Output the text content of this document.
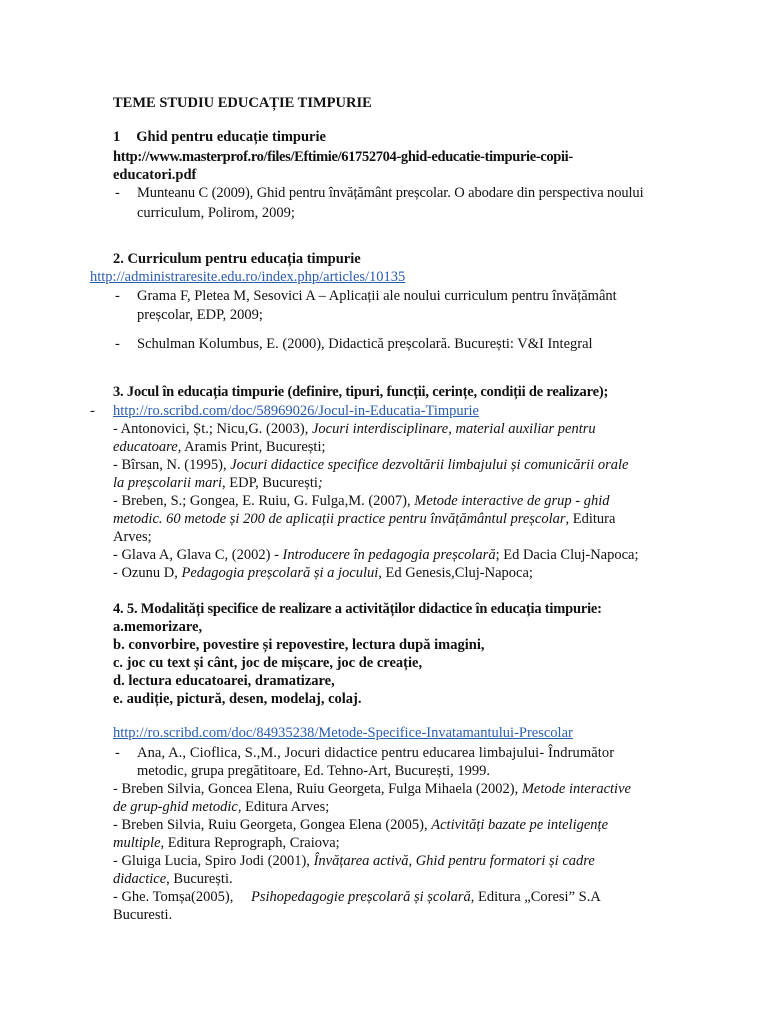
TEME STUDIU EDUCAȚIE TIMPURIE
1 Ghid pentru educație timpurie
http://www.masterprof.ro/files/Eftimie/61752704-ghid-educatie-timpurie-copii-
educatori.pdf
- Munteanu C (2009), Ghid pentru învățământ preșcolar. O abodare din perspectiva noului
curriculum, Polirom, 2009;
2. Curriculum pentru educația timpurie
http://administraresite.edu.ro/index.php/articles/10135
- Grama F, Pletea M, Sesovici A – Aplicații ale noului curriculum pentru învățământ
preșcolar, EDP, 2009;
- Schulman Kolumbus, E. (2000), Didactică preșcolară. București: V&I Integral
3. Jocul în educația timpurie (definire, tipuri, funcții, cerințe, condiții de realizare);
- http://ro.scribd.com/doc/58969026/Jocul-in-Educatia-Timpurie
- Antonovici, Șt.; Nicu,G. (2003), Jocuri interdisciplinare, material auxiliar pentru
educatoare, Aramis Print, București;
- Bîrsan, N. (1995), Jocuri didactice specifice dezvoltării limbajului și comunicării orale
la preșcolarii mari, EDP, București;
- Breben, S.; Gongea, E. Ruiu, G. Fulga,M. (2007), Metode interactive de grup - ghid
metodic. 60 metode și 200 de aplicații practice pentru învățământul preșcolar, Editura
Arves;
- Glava A, Glava C, (2002) - Introducere în pedagogia preșcolară; Ed Dacia Cluj-Napoca;
- Ozunu D, Pedagogia preșcolară și a jocului, Ed Genesis,Cluj-Napoca;
4. 5. Modalități specifice de realizare a activităților didactice în educația timpurie:
a.memorizare,
b. convorbire, povestire și repovestire, lectura după imagini,
c. joc cu text și cânt, joc de mișcare, joc de creație,
d. lectura educatoarei, dramatizare,
e. audiție, pictură, desen, modelaj, colaj.
http://ro.scribd.com/doc/84935238/Metode-Specifice-Invatamantului-Prescolar
- Ana, A., Cioflica, S.,M., Jocuri didactice pentru educarea limbajului- Îndrumător
metodic, grupa pregătitoare, Ed. Tehno-Art, București, 1999.
- Breben Silvia, Goncea Elena, Ruiu Georgeta, Fulga Mihaela (2002), Metode interactive
de grup-ghid metodic, Editura Arves;
- Breben Silvia, Ruiu Georgeta, Gongea Elena (2005), Activități bazate pe inteligențe
multiple, Editura Reprograph, Craiova;
- Gluiga Lucia, Spiro Jodi (2001), Învățarea activă, Ghid pentru formatori și cadre
didactice, București.
- Ghe. Tomșa(2005), Psihopedagogie preșcolară și școlară, Editura „Coresi” S.A
Bucuresti.
